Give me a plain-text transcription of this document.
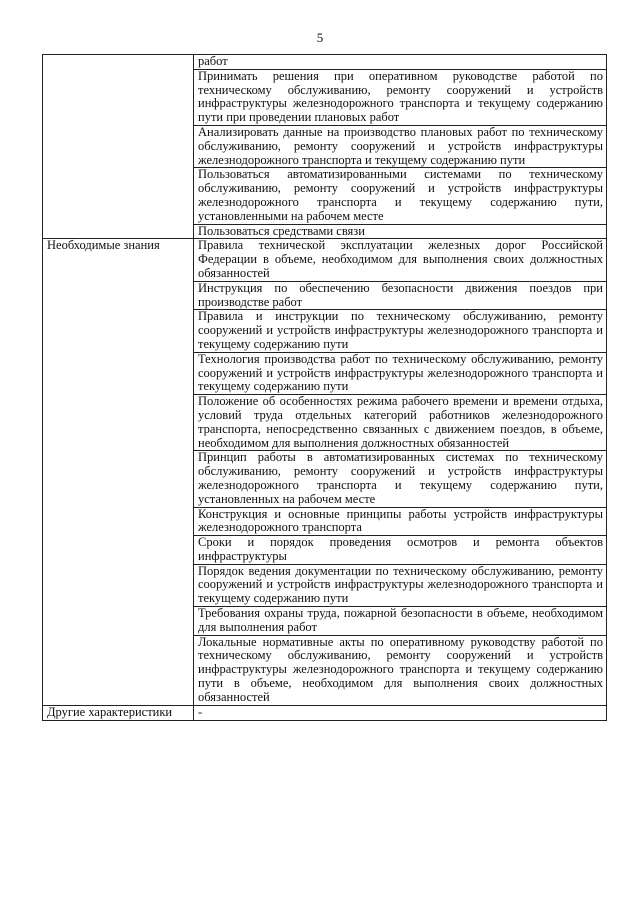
5
	работ
	Принимать решения при оперативном руководстве работой по техническому обслуживанию, ремонту сооружений и устройств инфраструктуры железнодорожного транспорта и текущему содержанию пути при проведении плановых работ
	Анализировать данные на производство плановых работ по техническому обслуживанию, ремонту сооружений и устройств инфраструктуры железнодорожного транспорта и текущему содержанию пути
	Пользоваться автоматизированными системами по техническому обслуживанию, ремонту сооружений и устройств инфраструктуры железнодорожного транспорта и текущему содержанию пути, установленными на рабочем месте
	Пользоваться средствами связи
Необходимые знания	Правила технической эксплуатации железных дорог Российской Федерации в объеме, необходимом для выполнения своих должностных обязанностей
	Инструкция по обеспечению безопасности движения поездов при производстве работ
	Правила и инструкции по техническому обслуживанию, ремонту сооружений и устройств инфраструктуры железнодорожного транспорта и текущему содержанию пути
	Технология производства работ по техническому обслуживанию, ремонту сооружений и устройств инфраструктуры железнодорожного транспорта и текущему содержанию пути
	Положение об особенностях режима рабочего времени и времени отдыха, условий труда отдельных категорий работников железнодорожного транспорта, непосредственно связанных с движением поездов, в объеме, необходимом для выполнения должностных обязанностей
	Принцип работы в автоматизированных системах по техническому обслуживанию, ремонту сооружений и устройств инфраструктуры железнодорожного транспорта и текущему содержанию пути, установленных на рабочем месте
	Конструкция и основные принципы работы устройств инфраструктуры железнодорожного транспорта
	Сроки и порядок проведения осмотров и ремонта объектов инфраструктуры
	Порядок ведения документации по техническому обслуживанию, ремонту сооружений и устройств инфраструктуры железнодорожного транспорта и текущему содержанию пути
	Требования охраны труда, пожарной безопасности в объеме, необходимом для выполнения работ
	Локальные нормативные акты по оперативному руководству работой по техническому обслуживанию, ремонту сооружений и устройств инфраструктуры железнодорожного транспорта и текущему содержанию пути в объеме, необходимом для выполнения своих должностных обязанностей
Другие характеристики	-
